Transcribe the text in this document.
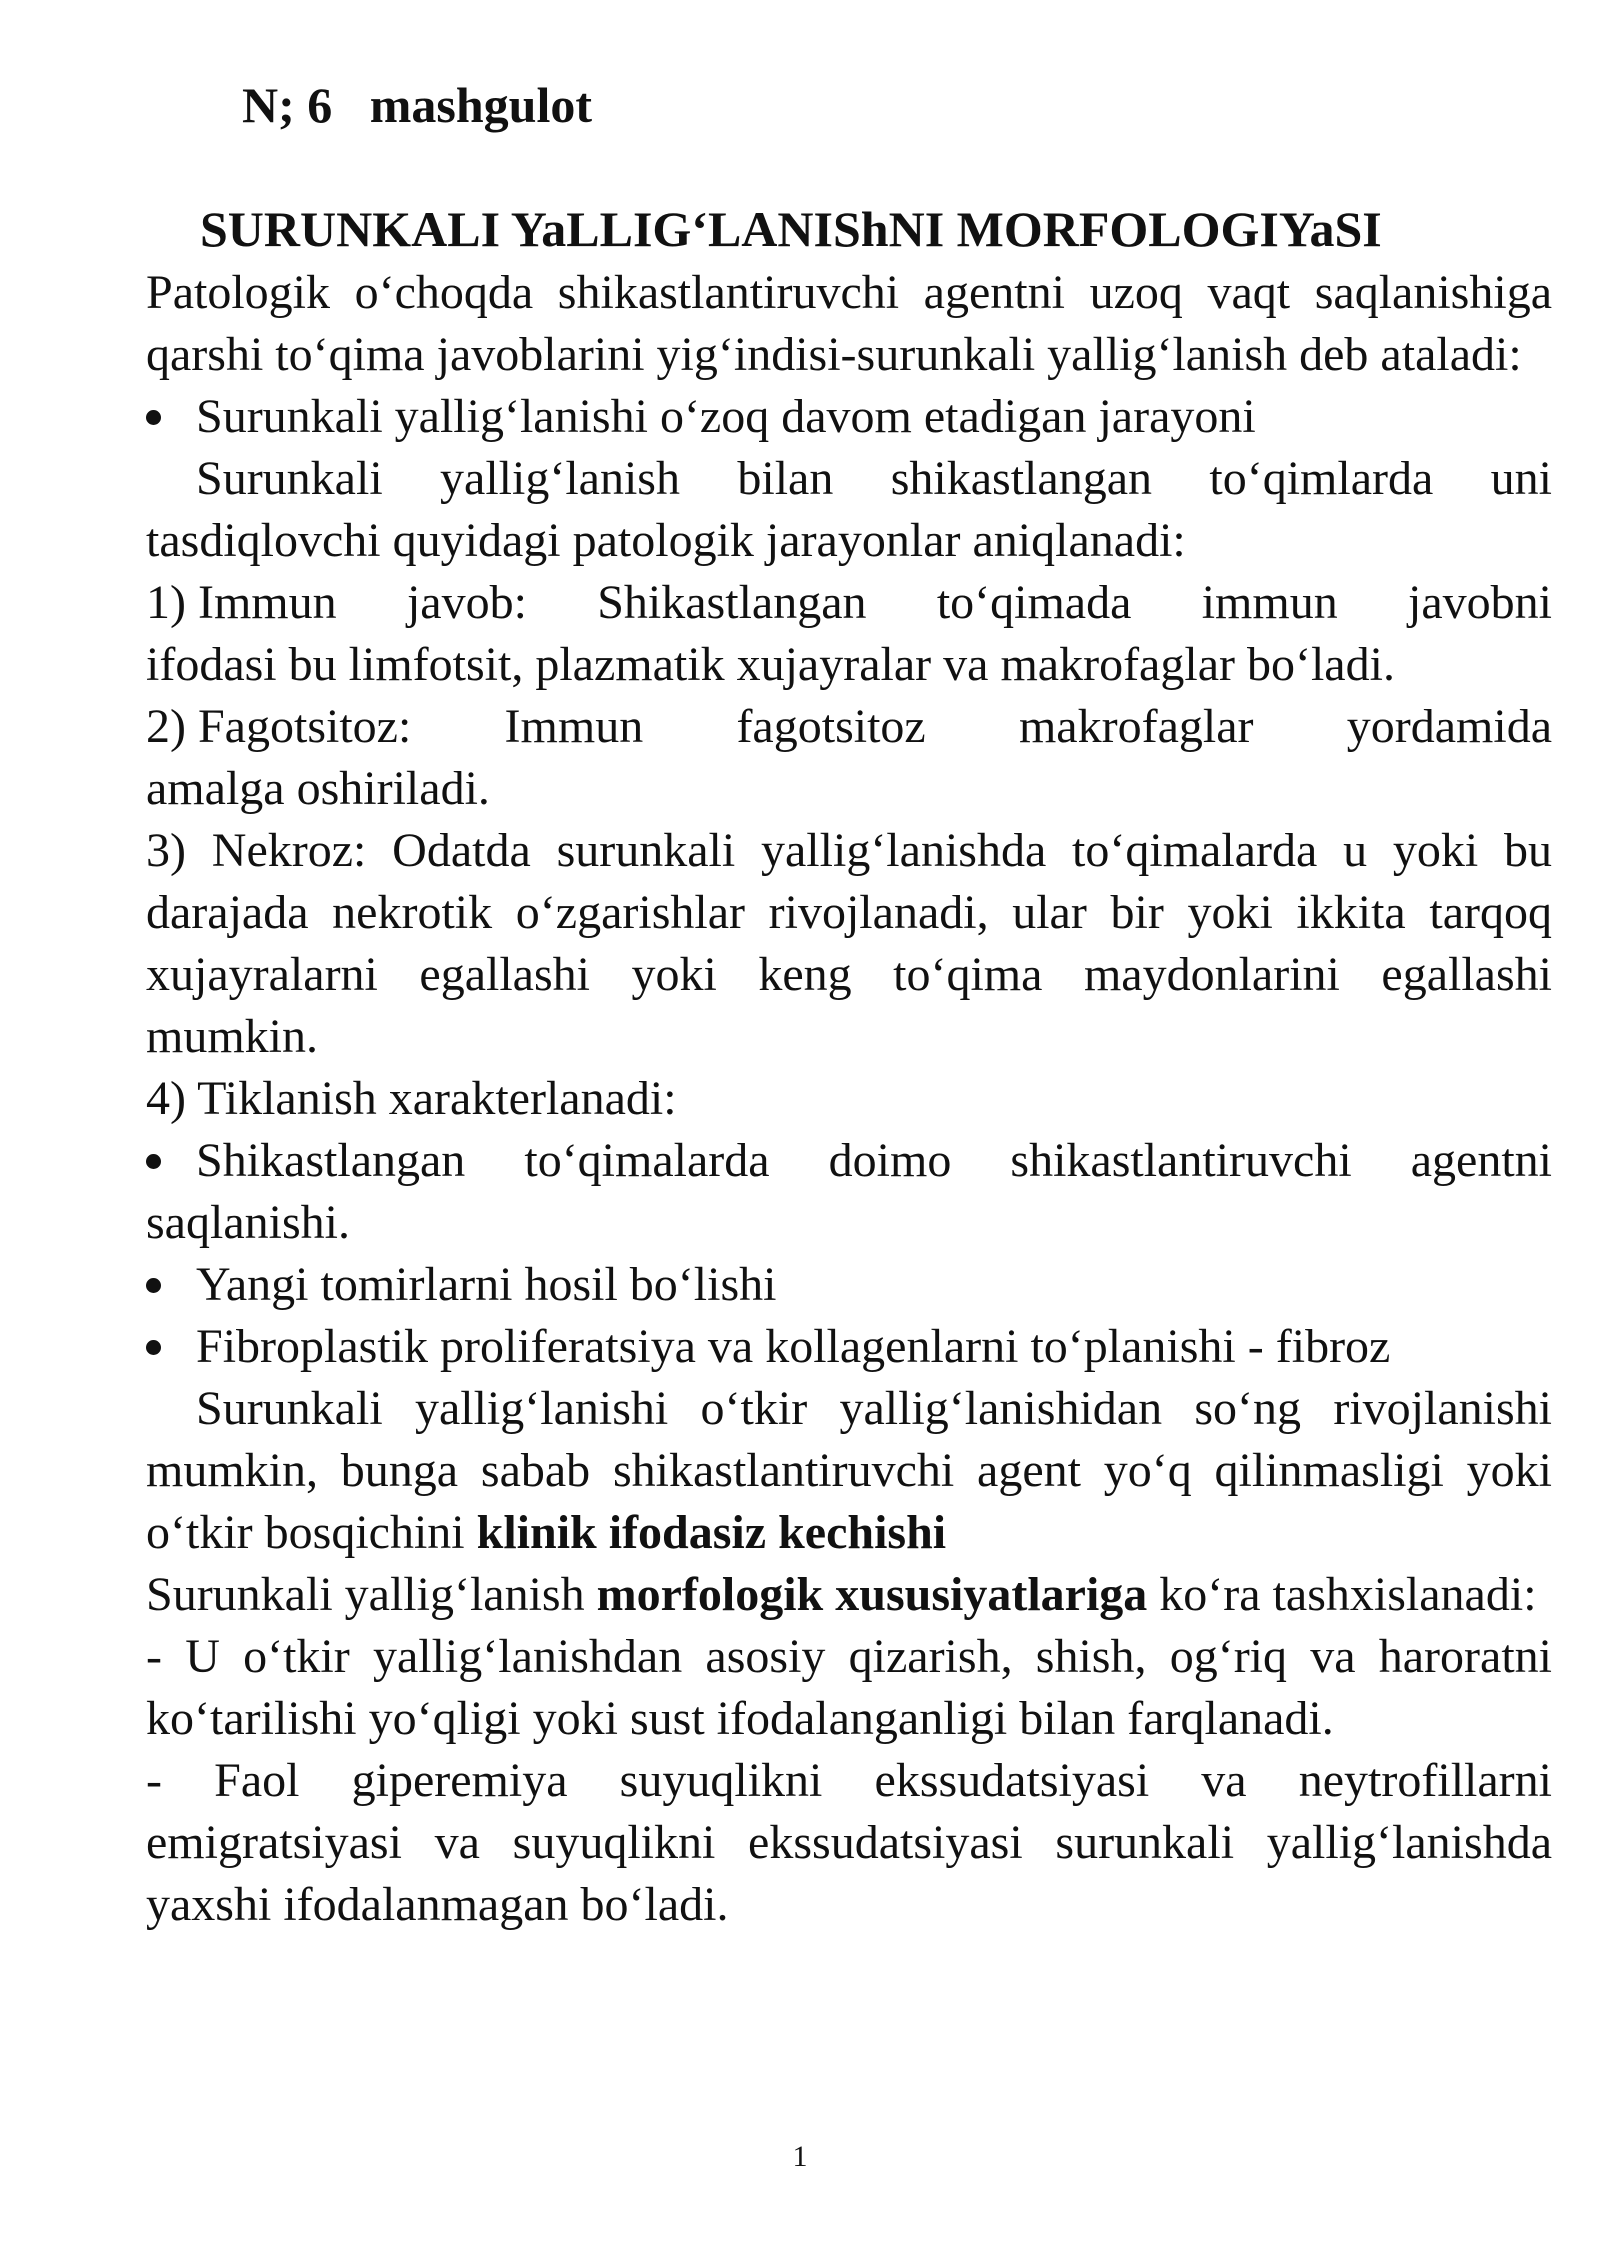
N; 6   mashgulot
SURUNKALI YaLLIG‘LANIShNI MORFOLOGIYaSI

Patologik o‘choqda shikastlantiruvchi agentni uzoq vaqt saqlanishiga qarshi to‘qima javoblarini yig‘indisi-surunkali yallig‘lanish deb ataladi:

Surunkali yallig‘lanishi o‘zoq davom etadigan jarayoni

Surunkali yallig‘lanish bilan shikastlangan to‘qimlarda uni tasdiqlovchi quyidagi patologik jarayonlar aniqlanadi:

1) Immun javob: Shikastlangan to‘qimada immun javobni

ifodasi bu limfotsit, plazmatik xujayralar va makrofaglar bo‘ladi.

2) Fagotsitoz: Immun fagotsitoz makrofaglar yordamida

amalga oshiriladi.

3) Nekroz: Odatda surunkali yallig‘lanishda to‘qimalarda u yoki bu darajada nekrotik o‘zgarishlar rivojlanadi, ular bir yoki ikkita tarqoq xujayralarni egallashi yoki keng to‘qima maydonlarini egallashi mumkin.

4) Tiklanish xarakterlanadi:

Shikastlangan to‘qimalarda doimo shikastlantiruvchi agentni saqlanishi.

Yangi tomirlarni hosil bo‘lishi

Fibroplastik proliferatsiya va kollagenlarni to‘planishi - fibroz

Surunkali yallig‘lanishi o‘tkir yallig‘lanishidan so‘ng rivojlanishi mumkin, bunga sabab shikastlantiruvchi agent yo‘q qilinmasligi yoki o‘tkir bosqichini klinik ifodasiz kechishi

Surunkali yallig‘lanish morfologik xususiyatlariga ko‘ra tashxislanadi:

- U o‘tkir yallig‘lanishdan asosiy qizarish, shish, og‘riq va haroratni ko‘tarilishi yo‘qligi yoki sust ifodalanganligi bilan farqlanadi.

- Faol giperemiya suyuqlikni ekssudatsiyasi va neytrofillarni emigratsiyasi va suyuqlikni ekssudatsiyasi surunkali yallig‘lanishda yaxshi ifodalanmagan bo‘ladi.

1
